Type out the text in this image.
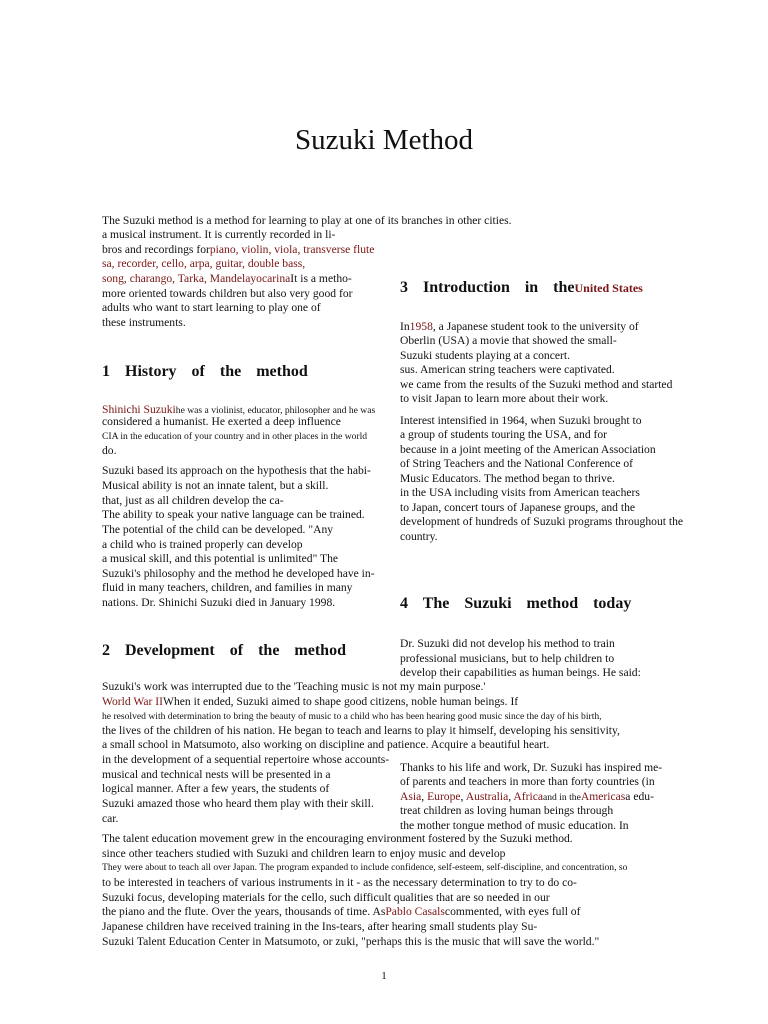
Suzuki Method
The Suzuki method is a method for learning to play at one of its branches in other cities.
a musical instrument. It is currently recorded in li-
bros and recordings forpiano, violin, viola, transverse flute
sa, recorder, cello, arpa, guitar, double bass,
song, charango, Tarka, MandelayocarinaIt is a metho-
more oriented towards children but also very good for
adults who want to start learning to play one of
these instruments.
1 History of the method
Shinichi Suzukihe was a violinist, educator, philosopher and he was
considered a humanist. He exerted a deep influence
CIA in the education of your country and in other places in the world
do.
Suzuki based its approach on the hypothesis that the habi-
Musical ability is not an innate talent, but a skill.
that, just as all children develop the ca-
The ability to speak your native language can be trained.
The potential of the child can be developed. "Any
a child who is trained properly can develop
a musical skill, and this potential is unlimited" The
Suzuki's philosophy and the method he developed have in-
fluid in many teachers, children, and families in many
nations. Dr. Shinichi Suzuki died in January 1998.
2 Development of the method
Suzuki's work was interrupted due to the 'Teaching music is not my main purpose.'
World War IIWhen it ended, Suzuki aimed to shape good citizens, noble human beings. If
he resolved with determination to bring the beauty of music to a child who has been hearing good music since the day of his birth,
the lives of the children of his nation. He began to teach and learns to play it himself, developing his sensitivity,
a small school in Matsumoto, also working on discipline and patience. Acquire a beautiful heart.
in the development of a sequential repertoire whose accounts-
musical and technical nests will be presented in a
logical manner. After a few years, the students of
Suzuki amazed those who heard them play with their skill.
car.
The talent education movement grew in the encouraging environment fostered by the Suzuki method.
since other teachers studied with Suzuki and children learn to enjoy music and develop
They were about to teach all over Japan. The program expanded to include confidence, self-esteem, self-discipline, and concentration, so
to be interested in teachers of various instruments in it - as the necessary determination to try to do co-
Suzuki focus, developing materials for the cello, such difficult qualities that are so needed in our
the piano and the flute. Over the years, thousands of time. AsPablo Casalscommented, with eyes full of
Japanese children have received training in the Ins-tears, after hearing small students play Su-
Suzuki Talent Education Center in Matsumoto, or zuki, "perhaps this is the music that will save the world."
3 Introduction in theUnited States
In1958, a Japanese student took to the university of
Oberlin (USA) a movie that showed the small-
Suzuki students playing at a concert.
sus. American string teachers were captivated.
we came from the results of the Suzuki method and started
to visit Japan to learn more about their work.
Interest intensified in 1964, when Suzuki brought to
a group of students touring the USA, and for
because in a joint meeting of the American Association
of String Teachers and the National Conference of
Music Educators. The method began to thrive.
in the USA including visits from American teachers
to Japan, concert tours of Japanese groups, and the
development of hundreds of Suzuki programs throughout the
country.
4 The Suzuki method today
Dr. Suzuki did not develop his method to train
professional musicians, but to help children to
develop their capabilities as human beings. He said:
Thanks to his life and work, Dr. Suzuki has inspired me-
of parents and teachers in more than forty countries (in
Asia, Europe, Australia, Africaand in theAmericasa edu-
treat children as loving human beings through
the mother tongue method of music education. In
1
